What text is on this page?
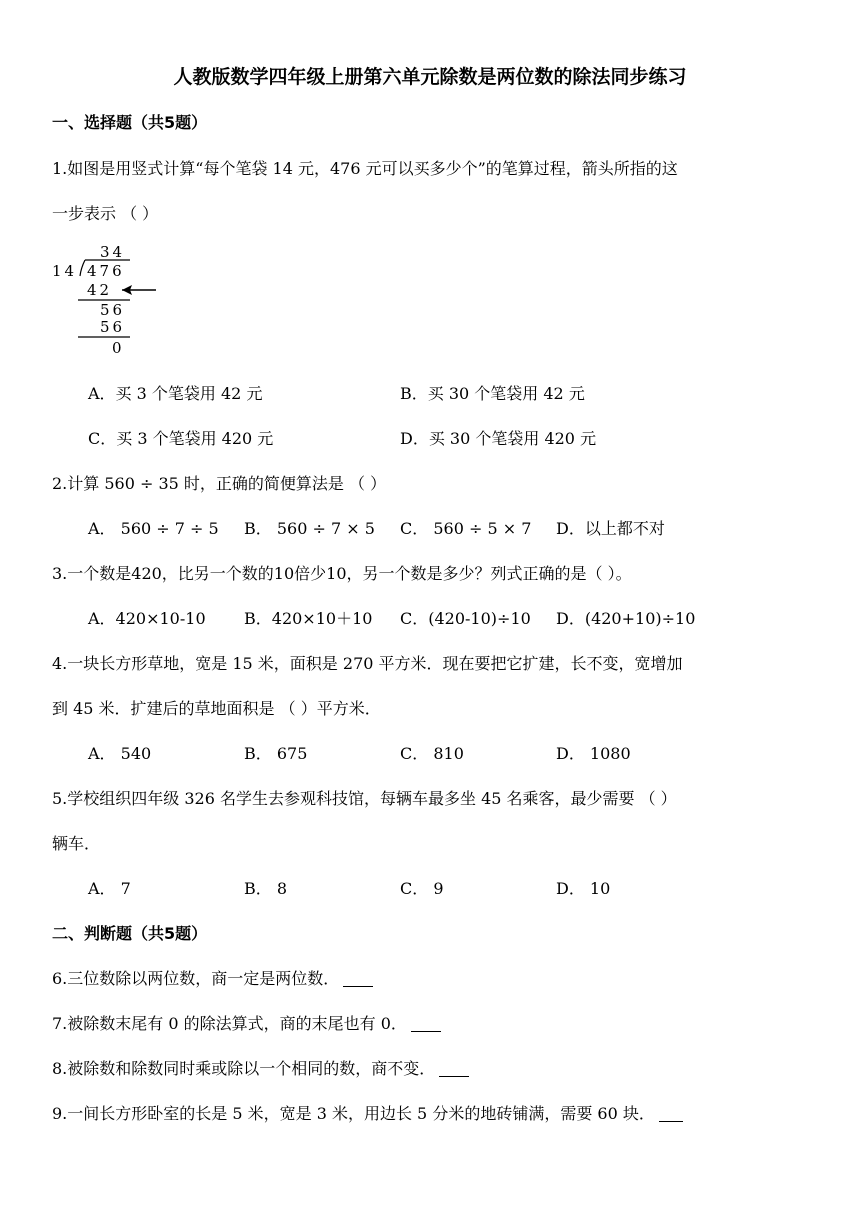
人教版数学四年级上册第六单元除数是两位数的除法同步练习
一、选择题（共5题）
1.如图是用竖式计算“每个笔袋 14 元，476 元可以买多少个”的笔算过程，箭头所指的这
一步表示 （ ）
34
14 476
42
56
56
0
A．买 3 个笔袋用 42 元	B．买 30 个笔袋用 42 元
C．买 3 个笔袋用 420 元	D．买 30 个笔袋用 420 元
2.计算 560 ÷ 35 时，正确的简便算法是 （ ）
A． 560 ÷ 7 ÷ 5 B． 560 ÷ 7 × 5 C． 560 ÷ 5 × 7 D．以上都不对
3.一个数是420，比另一个数的10倍少10，另一个数是多少？列式正确的是（ ）。
A．420×10-10 B．420×10＋10 C．(420-10)÷10 D．(420+10)÷10
4.一块长方形草地，宽是 15 米，面积是 270 平方米．现在要把它扩建，长不变，宽增加
到 45 米．扩建后的草地面积是 （ ）平方米．
A． 540	B． 675	C． 810	D． 1080
5.学校组织四年级 326 名学生去参观科技馆，每辆车最多坐 45 名乘客，最少需要 （ ）
辆车．
A． 7	B． 8	C． 9	D． 10
二、判断题（共5题）
6.三位数除以两位数，商一定是两位数．
7.被除数末尾有 0 的除法算式，商的末尾也有 0．
8.被除数和除数同时乘或除以一个相同的数，商不变．
9.一间长方形卧室的长是 5 米，宽是 3 米，用边长 5 分米的地砖铺满，需要 60 块．
